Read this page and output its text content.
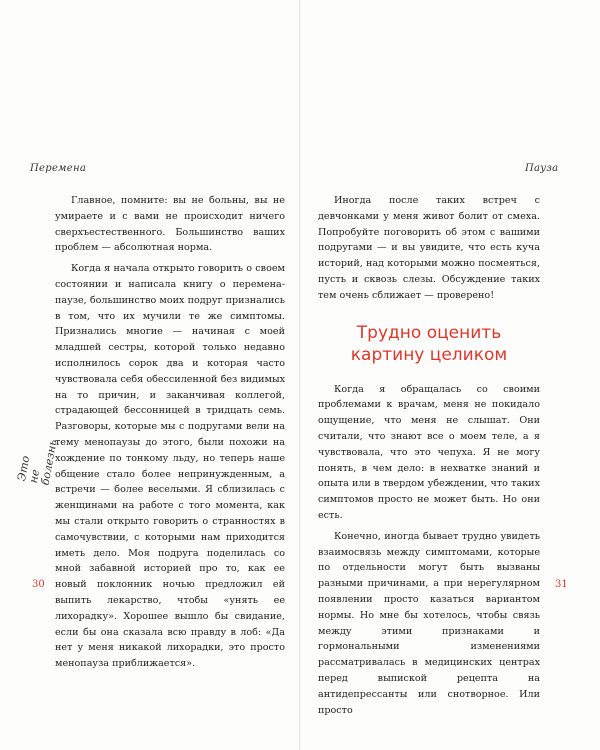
Перемена

Главное, помните: вы не больны, вы не умираете и с вами не происходит ничего сверхъестественного. Большинство ваших проблем — абсолютная норма.

Когда я начала открыто говорить о своем состоянии и написала книгу о перемена-паузе, большинство моих подруг признались в том, что их мучили те же симптомы. Признались многие — начиная с моей младшей сестры, которой только недавно исполнилось сорок два и которая часто чувствовала себя обессиленной без видимых на то причин, и заканчивая коллегой, страдающей бессонницей в тридцать семь. Разговоры, которые мы с подругами вели на тему менопаузы до этого, были похожи на хождение по тонкому льду, но теперь наше общение стало более непринужденным, а встречи — более веселыми. Я сблизилась с женщинами на работе с того момента, как мы стали открыто говорить о странностях в самочувствии, с которыми нам приходится иметь дело. Моя подруга поделилась со мной забавной историей про то, как ее новый поклонник ночью предложил ей выпить лекарство, чтобы «унять ее лихорадку». Хорошее вышло бы свидание, если бы она сказала всю правду в лоб: «Да нет у меня никакой лихорадки, это просто менопауза приближается».

Это не болезнь
30
Пауза

Иногда после таких встреч с девчонками у меня живот болит от смеха. Попробуйте поговорить об этом с вашими подругами — и вы увидите, что есть куча историй, над которыми можно посмеяться, пусть и сквозь слезы. Обсуждение таких тем очень сближает — проверено!

Трудно оценить картину целиком

Когда я обращалась со своими проблемами к врачам, меня не покидало ощущение, что меня не слышат. Они считали, что знают все о моем теле, а я чувствовала, что это чепуха. Я не могу понять, в чем дело: в нехватке знаний и опыта или в твердом убеждении, что таких симптомов просто не может быть. Но они есть.

Конечно, иногда бывает трудно увидеть взаимосвязь между симптомами, которые по отдельности могут быть вызваны разными причинами, а при нерегулярном появлении просто казаться вариантом нормы. Но мне бы хотелось, чтобы связь между этими признаками и гормональными изменениями рассматривалась в медицинских центрах перед выпиской рецепта на антидепрессанты или снотворное. Или просто

31
